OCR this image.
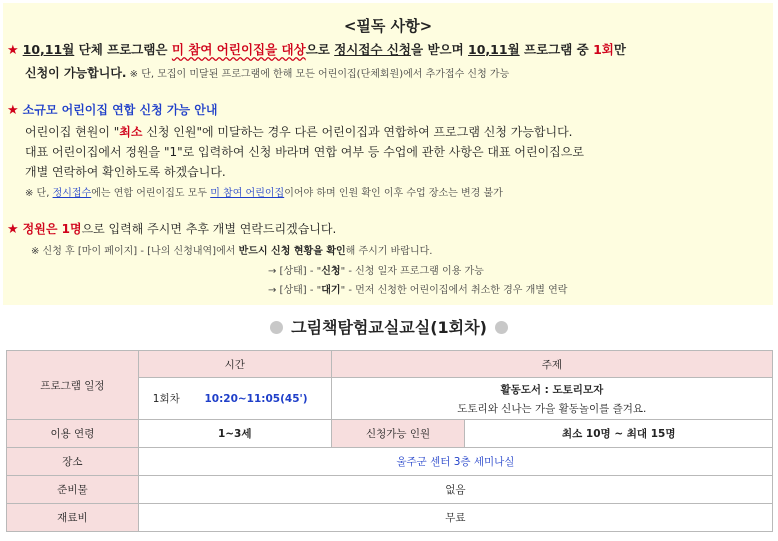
<필독 사항>
★ 10,11월 단체 프로그램은 미 참여 어린이집을 대상으로 정시접수 신청을 받으며 10,11월 프로그램 중 1회만
신청이 가능합니다. ※ 단, 모집이 미달된 프로그램에 한해 모든 어린이집(단체회원)에서 추가접수 신청 가능
★ 소규모 어린이집 연합 신청 가능 안내
어린이집 현원이 "최소 신청 인원"에 미달하는 경우 다른 어린이집과 연합하여 프로그램 신청 가능합니다.
대표 어린이집에서 정원을 "1"로 입력하여 신청 바라며 연합 여부 등 수업에 관한 사항은 대표 어린이집으로
개별 연락하여 확인하도록 하겠습니다.
※ 단, 정시접수에는 연합 어린이집도 모두 미 참여 어린이집이어야 하며 인원 확인 이후 수업 장소는 변경 불가
★ 정원은 1명으로 입력해 주시면 추후 개별 연락드리겠습니다.
※ 신청 후 [마이 페이지] - [나의 신청내역]에서 반드시 신청 현황을 확인해 주시기 바랍니다.
→ [상태] - "신청" - 신청 일자 프로그램 이용 가능
→ [상태] - "대기" - 먼저 신청한 어린이집에서 취소한 경우 개별 연락
그림책탐험교실교실(1회차)
프로그램 일정	시간	주제	
	1회차 10:20~11:05(45')	활동도서 : 도토리모자
도토리와 신나는 가을 활동놀이를 즐겨요.	

이용 연령	1~3세	신청가능 인원	최소 10명 ~ 최대 15명
장소	울주군 센터 3층 세미나실		
준비물	없음		
재료비	무료		
